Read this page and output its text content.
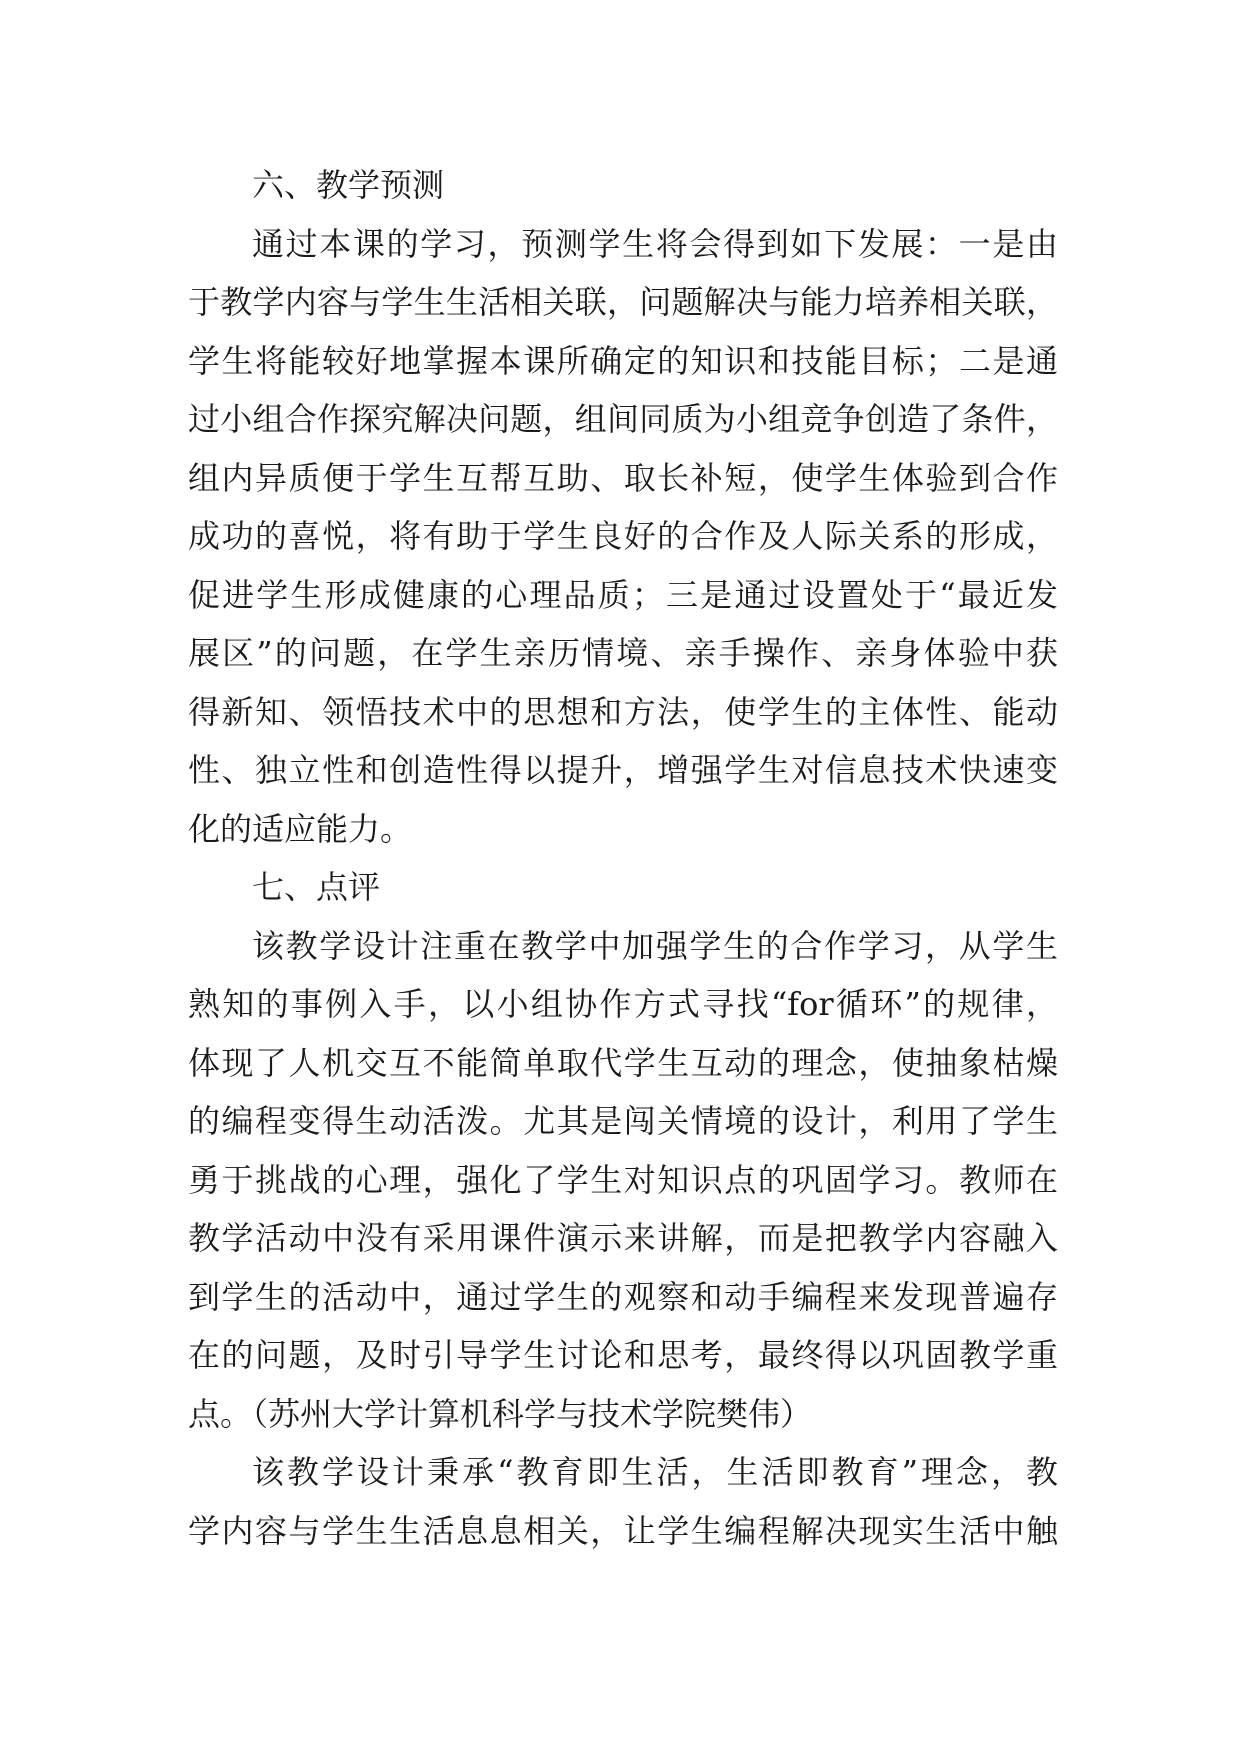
六、教学预测
通过本课的学习，预测学生将会得到如下发展：一是由
于教学内容与学生生活相关联，问题解决与能力培养相关联，
学生将能较好地掌握本课所确定的知识和技能目标；二是通
过小组合作探究解决问题，组间同质为小组竞争创造了条件，
组内异质便于学生互帮互助、取长补短，使学生体验到合作
成功的喜悦，将有助于学生良好的合作及人际关系的形成，
促进学生形成健康的心理品质；三是通过设置处于“最近发
展区”的问题，在学生亲历情境、亲手操作、亲身体验中获
得新知、领悟技术中的思想和方法，使学生的主体性、能动
性、独立性和创造性得以提升，增强学生对信息技术快速变
化的适应能力。
七、点评
该教学设计注重在教学中加强学生的合作学习，从学生
熟知的事例入手，以小组协作方式寻找“for循环”的规律，
体现了人机交互不能简单取代学生互动的理念，使抽象枯燥
的编程变得生动活泼。尤其是闯关情境的设计，利用了学生
勇于挑战的心理，强化了学生对知识点的巩固学习。教师在
教学活动中没有采用课件演示来讲解，而是把教学内容融入
到学生的活动中，通过学生的观察和动手编程来发现普遍存
在的问题，及时引导学生讨论和思考，最终得以巩固教学重
点。（苏州大学计算机科学与技术学院樊伟）
该教学设计秉承“教育即生活，生活即教育”理念，教
学内容与学生生活息息相关，让学生编程解决现实生活中触
